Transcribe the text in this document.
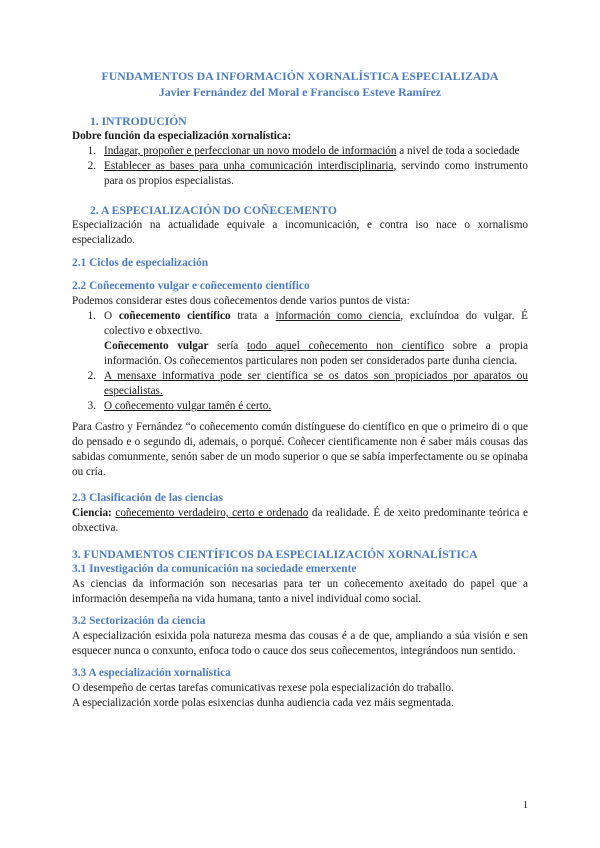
FUNDAMENTOS DA INFORMACIÓN XORNALÍSTICA ESPECIALIZADA
Javier Fernández del Moral e Francisco Esteve Ramírez
1. INTRODUCIÓN
Dobre función da especialización xornalística:
1. Indagar, propoñer e perfeccionar un novo modelo de información a nivel de toda a sociedade
2. Establecer as bases para unha comunicación interdisciplinaria, servindo como instrumento para os propios especialistas.
2. A ESPECIALIZACIÓN DO COÑECEMENTO
Especialización na actualidade equivale a incomunicación, e contra iso nace o xornalismo especializado.
2.1 Ciclos de especialización
2.2 Coñecemento vulgar e coñecemento científico
Podemos considerar estes dous coñecementos dende varios puntos de vista:
1. O coñecemento científico trata a información como ciencia, excluíndoa do vulgar. É colectivo e obxectivo.
Coñecemento vulgar sería todo aquel coñecemento non científico sobre a propia información. Os coñecementos particulares non poden ser considerados parte dunha ciencia.
2. A mensaxe informativa pode ser científica se os datos son propiciados por aparatos ou especialistas.
3. O coñecemento vulgar tamén é certo.
Para Castro y Fernández “o coñecemento común distínguese do científico en que o primeiro di o que do pensado e o segundo di, ademais, o porqué. Coñecer cientificamente non é saber máis cousas das sabidas comunmente, senón saber de un modo superior o que se sabía imperfectamente ou se opinaba ou cría.
2.3 Clasificación de las ciencias
Ciencia: coñecemento verdadeiro, certo e ordenado da realidade. É de xeito predominante teórica e obxectiva.
3. FUNDAMENTOS CIENTÍFICOS DA ESPECIALIZACIÓN XORNALÍSTICA
3.1 Investigación da comunicación na sociedade emerxente
As ciencias da información son necesarias para ter un coñecemento axeitado do papel que a información desempeña na vida humana, tanto a nivel individual como social.
3.2 Sectorización da ciencia
A especialización esixida pola natureza mesma das cousas é a de que, ampliando a súa visión e sen esquecer nunca o conxunto, enfoca todo o cauce dos seus coñecementos, integrándoos nun sentido.
3.3 A especialización xornalística
O desempeño de certas tarefas comunicativas rexese pola especialización do traballo.
A especialización xorde polas esixencias dunha audiencia cada vez máis segmentada.
1
